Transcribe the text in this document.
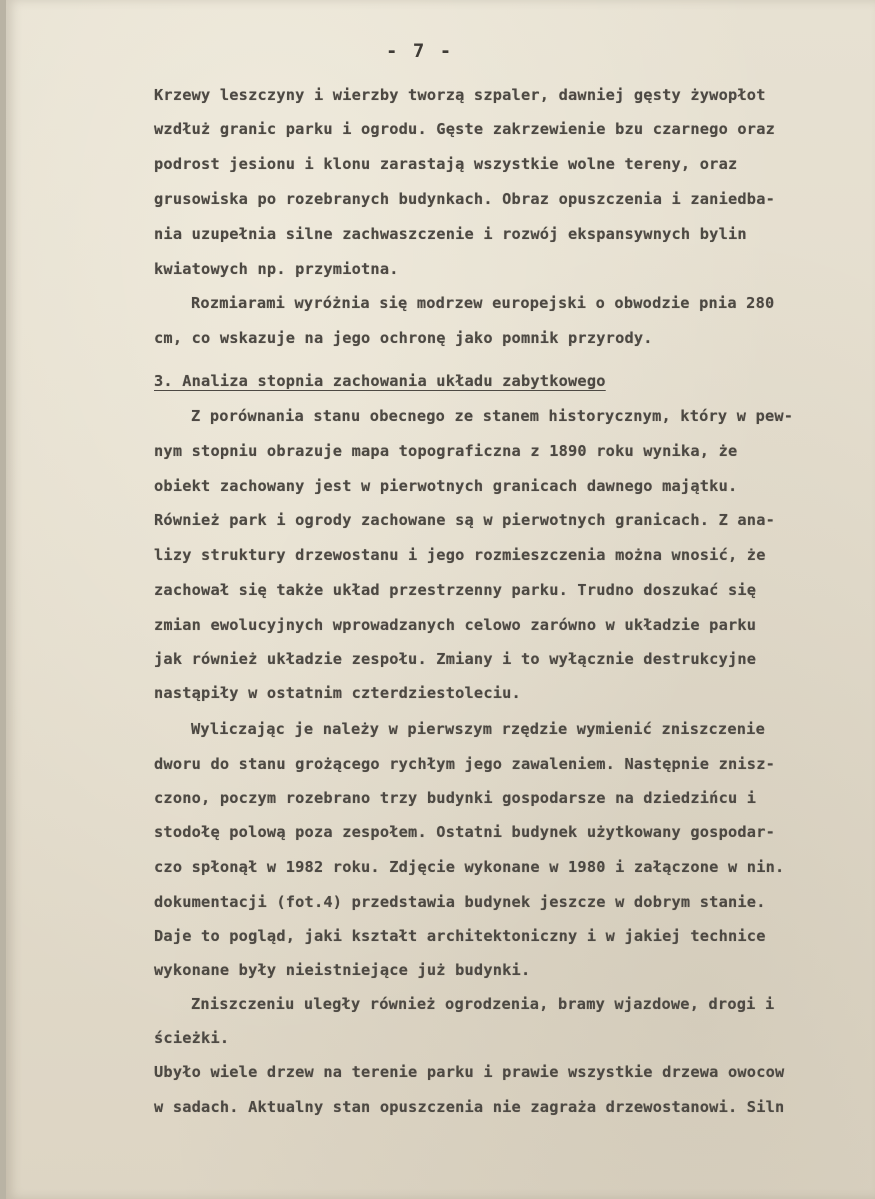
- 7 -
Krzewy leszczyny i wierzby tworzą szpaler, dawniej gęsty żywopłot
wzdłuż granic parku i ogrodu. Gęste zakrzewienie bzu czarnego oraz
podrost jesionu i klonu zarastają wszystkie wolne tereny, oraz
grusowiska po rozebranych budynkach. Obraz opuszczenia i zaniedba-
nia uzupełnia silne zachwaszczenie i rozwój ekspansywnych bylin
kwiatowych np. przymiotna.
Rozmiarami wyróżnia się modrzew europejski o obwodzie pnia 280
cm, co wskazuje na jego ochronę jako pomnik przyrody.
3. Analiza stopnia zachowania układu zabytkowego
Z porównania stanu obecnego ze stanem historycznym, który w pew-
nym stopniu obrazuje mapa topograficzna z 1890 roku wynika, że
obiekt zachowany jest w pierwotnych granicach dawnego majątku.
Również park i ogrody zachowane są w pierwotnych granicach. Z ana-
lizy struktury drzewostanu i jego rozmieszczenia można wnosić, że
zachował się także układ przestrzenny parku. Trudno doszukać się
zmian ewolucyjnych wprowadzanych celowo zarówno w układzie parku
jak również układzie zespołu. Zmiany i to wyłącznie destrukcyjne
nastąpiły w ostatnim czterdziestoleciu.
Wyliczając je należy w pierwszym rzędzie wymienić zniszczenie
dworu do stanu grożącego rychłym jego zawaleniem. Następnie znisz-
czono, poczym rozebrano trzy budynki gospodarsze na dziedzińcu i
stodołę polową poza zespołem. Ostatni budynek użytkowany gospodar-
czo spłonął w 1982 roku. Zdjęcie wykonane w 1980 i załączone w nin.
dokumentacji (fot.4) przedstawia budynek jeszcze w dobrym stanie.
Daje to pogląd, jaki kształt architektoniczny i w jakiej technice
wykonane były nieistniejące już budynki.
Zniszczeniu uległy również ogrodzenia, bramy wjazdowe, drogi i
ścieżki.
Ubyło wiele drzew na terenie parku i prawie wszystkie drzewa owocow
w sadach. Aktualny stan opuszczenia nie zagraża drzewostanowi. Siln
